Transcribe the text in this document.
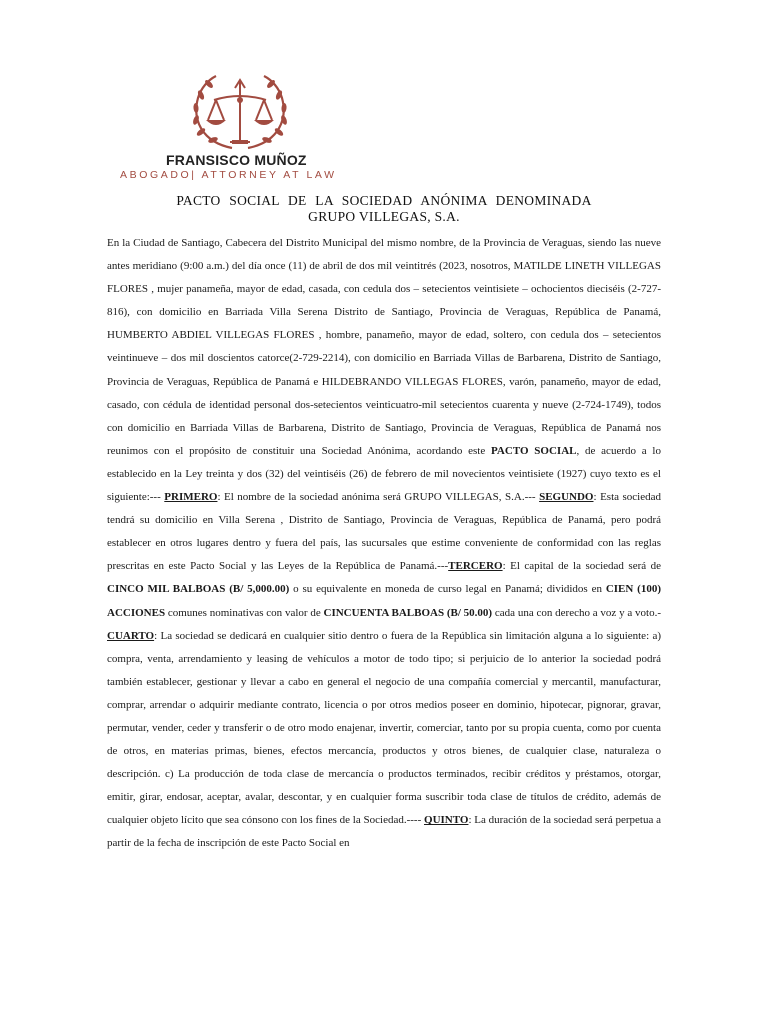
FRANSISCO MUÑOZ
ABOGADO| ATTORNEY AT LAW
PACTO SOCIAL DE LA SOCIEDAD ANÓNIMA DENOMINADA
GRUPO VILLEGAS, S.A.

En la Ciudad de Santiago, Cabecera del Distrito Municipal del mismo nombre, de la Provincia de Veraguas, siendo las nueve antes meridiano (9:00 a.m.) del día once (11) de abril de dos mil veintitrés (2023, nosotros, MATILDE LINETH VILLEGAS FLORES , mujer panameña, mayor de edad, casada, con cedula dos – setecientos veintisiete – ochocientos dieciséis (2-727-816), con domicilio en Barriada Villa Serena Distrito de Santiago, Provincia de Veraguas, República de Panamá, HUMBERTO ABDIEL VILLEGAS FLORES , hombre, panameño, mayor de edad, soltero, con cedula dos – setecientos veintinueve – dos mil doscientos catorce(2-729-2214), con domicilio en Barriada Villas de Barbarena, Distrito de Santiago, Provincia de Veraguas, República de Panamá e HILDEBRANDO VILLEGAS FLORES, varón, panameño, mayor de edad, casado, con cédula de identidad personal dos-setecientos veinticuatro-mil setecientos cuarenta y nueve (2-724-1749), todos con domicilio en Barriada Villas de Barbarena, Distrito de Santiago, Provincia de Veraguas, República de Panamá nos reunimos con el propósito de constituir una Sociedad Anónima, acordando este PACTO SOCIAL, de acuerdo a lo establecido en la Ley treinta y dos (32) del veintiséis (26) de febrero de mil novecientos veintisiete (1927) cuyo texto es el siguiente:--- PRIMERO: El nombre de la sociedad anónima será GRUPO VILLEGAS, S.A.--- SEGUNDO: Esta sociedad tendrá su domicilio en Villa Serena , Distrito de Santiago, Provincia de Veraguas, República de Panamá, pero podrá establecer en otros lugares dentro y fuera del país, las sucursales que estime conveniente de conformidad con las reglas prescritas en este Pacto Social y las Leyes de la República de Panamá.---TERCERO: El capital de la sociedad será de CINCO MIL BALBOAS (B/ 5,000.00) o su equivalente en moneda de curso legal en Panamá; divididos en CIEN (100) ACCIONES comunes nominativas con valor de CINCUENTA BALBOAS (B/ 50.00) cada una con derecho a voz y a voto.- CUARTO: La sociedad se dedicará en cualquier sitio dentro o fuera de la República sin limitación alguna a lo siguiente: a) compra, venta, arrendamiento y leasing de vehículos a motor de todo tipo; si perjuicio de lo anterior la sociedad podrá también establecer, gestionar y llevar a cabo en general el negocio de una compañía comercial y mercantil, manufacturar, comprar, arrendar o adquirir mediante contrato, licencia o por otros medios poseer en dominio, hipotecar, pignorar, gravar, permutar, vender, ceder y transferir o de otro modo enajenar, invertir, comerciar, tanto por su propia cuenta, como por cuenta de otros, en materias primas, bienes, efectos mercancía, productos y otros bienes, de cualquier clase, naturaleza o descripción. c) La producción de toda clase de mercancía o productos terminados, recibir créditos y préstamos, otorgar, emitir, girar, endosar, aceptar, avalar, descontar, y en cualquier forma suscribir toda clase de títulos de crédito, además de cualquier objeto lícito que sea cónsono con los fines de la Sociedad.---- QUINTO: La duración de la sociedad será perpetua a partir de la fecha de inscripción de este Pacto Social en
